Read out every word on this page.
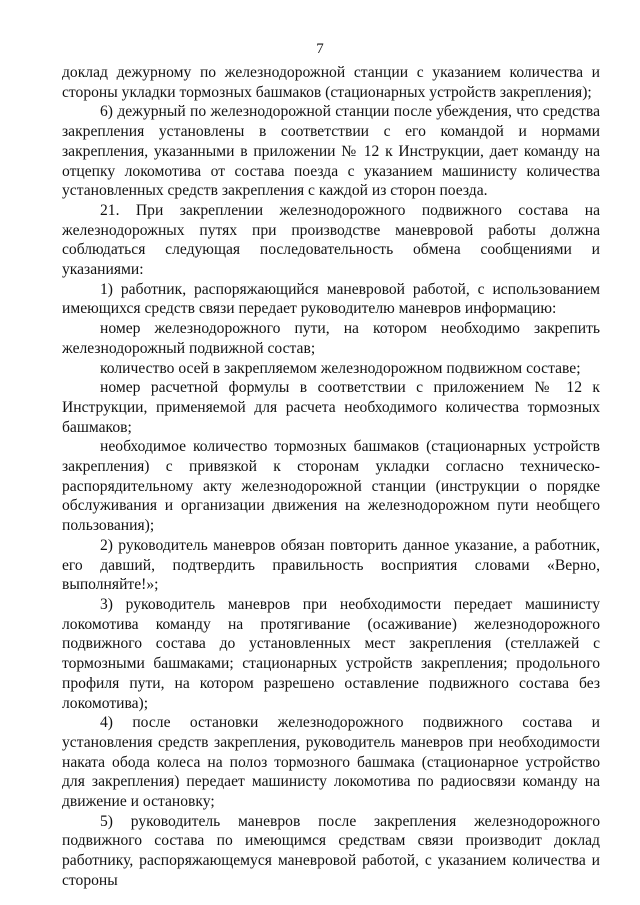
7

доклад дежурному по железнодорожной станции с указанием количества и стороны укладки тормозных башмаков (стационарных устройств закрепления);

6) дежурный по железнодорожной станции после убеждения, что средства закрепления установлены в соответствии с его командой и нормами закрепления, указанными в приложении № 12 к Инструкции, дает команду на отцепку локомотива от состава поезда с указанием машинисту количества установленных средств закрепления с каждой из сторон поезда.

21. При закреплении железнодорожного подвижного состава на железнодорожных путях при производстве маневровой работы должна соблюдаться следующая последовательность обмена сообщениями и указаниями:

1) работник, распоряжающийся маневровой работой, с использованием имеющихся средств связи передает руководителю маневров информацию:

номер железнодорожного пути, на котором необходимо закрепить железнодорожный подвижной состав;

количество осей в закрепляемом железнодорожном подвижном составе;

номер расчетной формулы в соответствии с приложением № 12 к Инструкции, применяемой для расчета необходимого количества тормозных башмаков;

необходимое количество тормозных башмаков (стационарных устройств закрепления) с привязкой к сторонам укладки согласно техническо-распорядительному акту железнодорожной станции (инструкции о порядке обслуживания и организации движения на железнодорожном пути необщего пользования);

2) руководитель маневров обязан повторить данное указание, а работник, его давший, подтвердить правильность восприятия словами «Верно, выполняйте!»;

3) руководитель маневров при необходимости передает машинисту локомотива команду на протягивание (осаживание) железнодорожного подвижного состава до установленных мест закрепления (стеллажей с тормозными башмаками; стационарных устройств закрепления; продольного профиля пути, на котором разрешено оставление подвижного состава без локомотива);

4) после остановки железнодорожного подвижного состава и установления средств закрепления, руководитель маневров при необходимости наката обода колеса на полоз тормозного башмака (стационарное устройство для закрепления) передает машинисту локомотива по радиосвязи команду на движение и остановку;

5) руководитель маневров после закрепления железнодорожного подвижного состава по имеющимся средствам связи производит доклад работнику, распоряжающемуся маневровой работой, с указанием количества и стороны
